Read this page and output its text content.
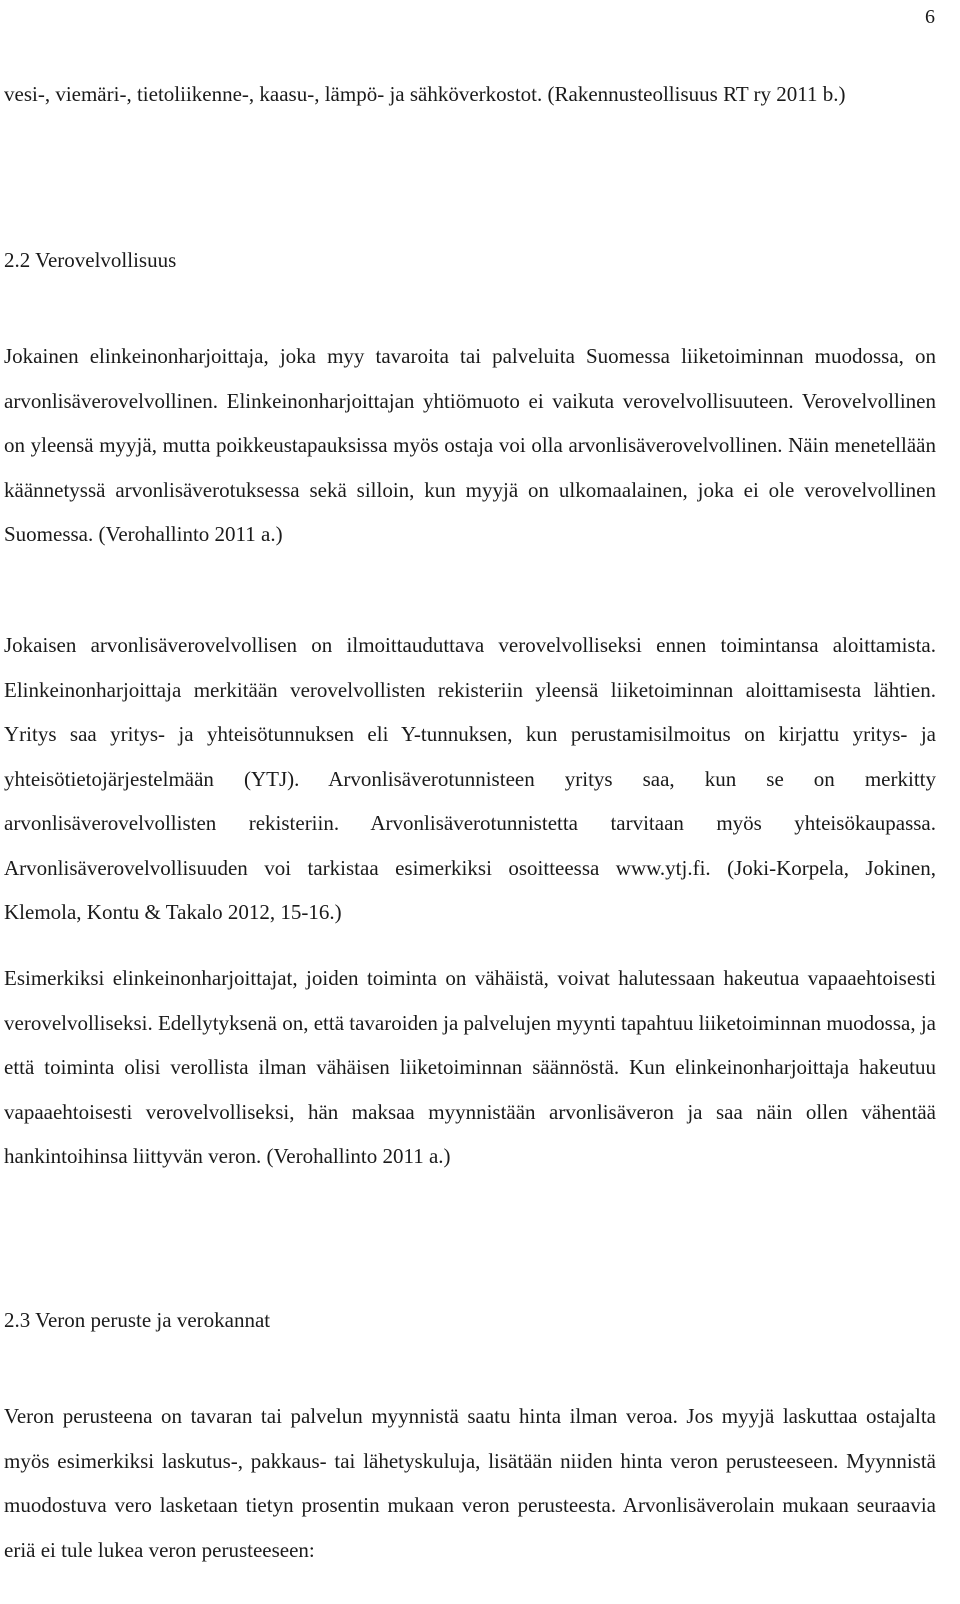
6

vesi-, viemäri-, tietoliikenne-, kaasu-, lämpö- ja sähköverkostot. (Rakennusteollisuus RT ry 2011 b.)

2.2 Verovelvollisuus

Jokainen elinkeinonharjoittaja, joka myy tavaroita tai palveluita Suomessa liiketoiminnan muodossa, on arvonlisäverovelvollinen. Elinkeinonharjoittajan yhtiömuoto ei vaikuta verovelvollisuuteen. Verovelvollinen on yleensä myyjä, mutta poikkeustapauksissa myös ostaja voi olla arvonlisäverovelvollinen. Näin menetellään käännetyssä arvonlisäverotuksessa sekä silloin, kun myyjä on ulkomaalainen, joka ei ole verovelvollinen Suomessa. (Verohallinto 2011 a.)

Jokaisen arvonlisäverovelvollisen on ilmoittauduttava verovelvolliseksi ennen toimintansa aloittamista. Elinkeinonharjoittaja merkitään verovelvollisten rekisteriin yleensä liiketoiminnan aloittamisesta lähtien. Yritys saa yritys- ja yhteisötunnuksen eli Y-tunnuksen, kun perustamisilmoitus on kirjattu yritys- ja yhteisötietojärjestelmään (YTJ). Arvonlisäverotunnisteen yritys saa, kun se on merkitty arvonlisäverovelvollisten rekisteriin. Arvonlisäverotunnistetta tarvitaan myös yhteisökaupassa. Arvonlisäverovelvollisuuden voi tarkistaa esimerkiksi osoitteessa www.ytj.fi. (Joki-Korpela, Jokinen, Klemola, Kontu & Takalo 2012, 15-16.)

Esimerkiksi elinkeinonharjoittajat, joiden toiminta on vähäistä, voivat halutessaan hakeutua vapaaehtoisesti verovelvolliseksi. Edellytyksenä on, että tavaroiden ja palvelujen myynti tapahtuu liiketoiminnan muodossa, ja että toiminta olisi verollista ilman vähäisen liiketoiminnan säännöstä. Kun elinkeinonharjoittaja hakeutuu vapaaehtoisesti verovelvolliseksi, hän maksaa myynnistään arvonlisäveron ja saa näin ollen vähentää hankintoihinsa liittyvän veron. (Verohallinto 2011 a.)

2.3 Veron peruste ja verokannat

Veron perusteena on tavaran tai palvelun myynnistä saatu hinta ilman veroa. Jos myyjä laskuttaa ostajalta myös esimerkiksi laskutus-, pakkaus- tai lähetyskuluja, lisätään niiden hinta veron perusteeseen. Myynnistä muodostuva vero lasketaan tietyn prosentin mukaan veron perusteesta. Arvonlisäverolain mukaan seuraavia eriä ei tule lukea veron perusteeseen:
